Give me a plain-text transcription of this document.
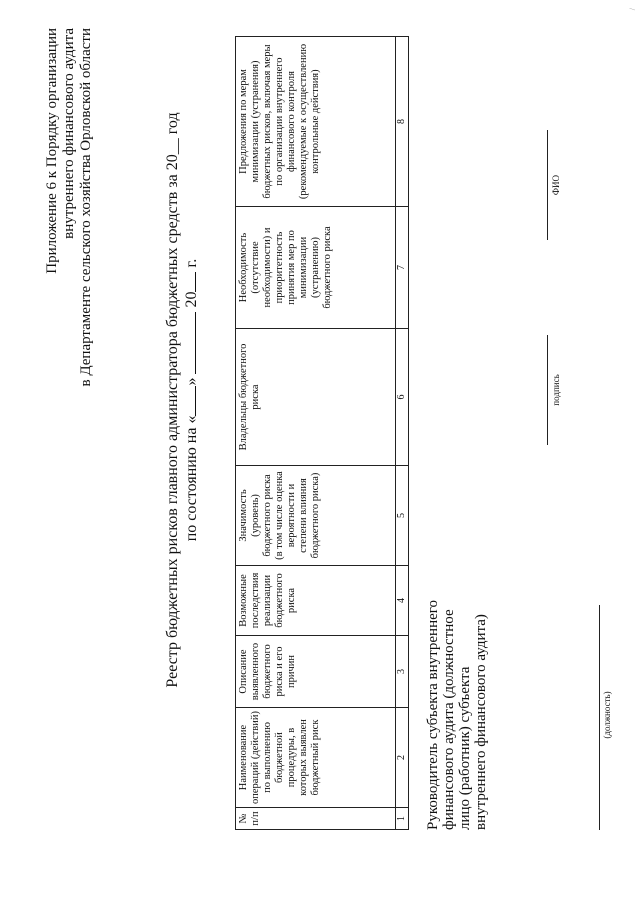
Приложение 6 к Порядку организации внутреннего финансового аудита в Департаменте сельского хозяйства Орловской области	Реестр бюджетных рисков главного администратора бюджетных средств за 20__ год по состоянию на «»  20 г.
№ п/п	Наименование операций (действий) по выполнению бюджетной процедуры, в которых выявлен бюджетный риск	Описание выявленного бюджетного риска и его причин	Возможные последствия реализации бюджетного риска	Значимость (уровень) бюджетного риска (в том числе оценка вероятности и степени влияния бюджетного риска)	Владельцы бюджетного риска	Необходимость (отсутствие необходимости) и приоритетность принятия мер по минимизации (устранению) бюджетного риска	Предложения по мерам минимизации (устранения) бюджетных рисков, включая меры по организации внутреннего финансового контроля (рекомендуемые к осуществлению контрольные действия)
1	2	3	4	5	6	7	8
Руководитель субъекта внутреннего финансового аудита (должностное лицо (работник) субъекта внутреннего финансового аудита)	(должность)
подпись
ФИО
/
